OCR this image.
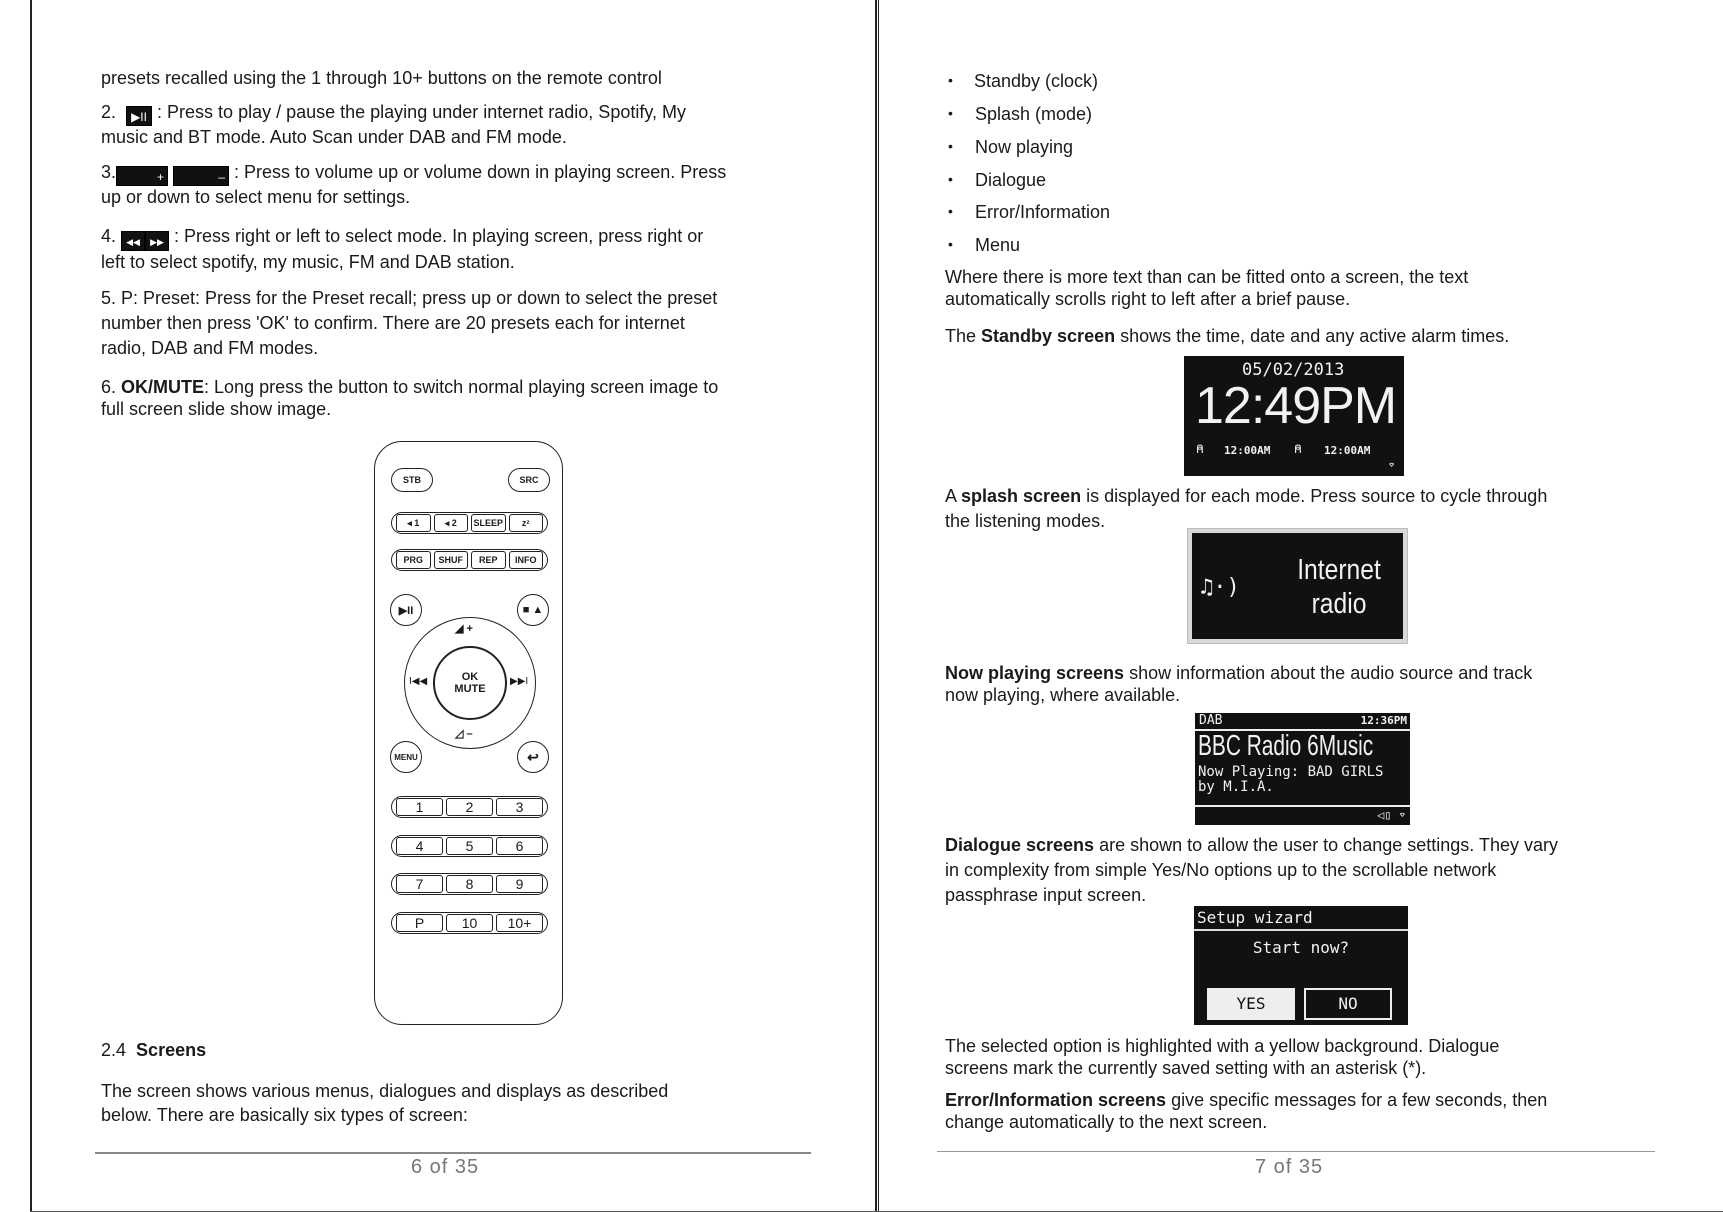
presets recalled using the 1 through 10+ buttons on the remote control
2. ▶II : Press to play / pause the playing under internet radio, Spotify, My
music and BT mode. Auto Scan under DAB and FM mode.
3.	+	– : Press to volume up or volume down in playing screen. Press
up or down to select menu for settings.
4. ◀◀ ▶▶ : Press right or left to select mode. In playing screen, press right or
left to select spotify, my music, FM and DAB station.
5. P: Preset: Press for the Preset recall; press up or down to select the preset
number then press 'OK' to confirm. There are 20 presets each for internet
radio, DAB and FM modes.
6. OK/MUTE: Long press the button to switch normal playing screen image to
full screen slide show image.
STB	SRC
◂ 1	◂ 2	SLEEP	zᶻ
PRG	SHUF	REP	INFO
▶II	■ ▲
OK
MUTE
◢ +
◿ –
I◀◀	▶▶I
MENU	↩
1	2	3
4	5	6
7	8	9
P	10	10+
2.4 Screens
The screen shows various menus, dialogues and displays as described
below. There are basically six types of screen:
6 of 35
• Standby (clock)
• Splash (mode)
• Now playing
• Dialogue
• Error/Information
• Menu
Where there is more text than can be fitted onto a screen, the text
automatically scrolls right to left after a brief pause.
The Standby screen shows the time, date and any active alarm times.
05/02/2013
12:49PM
⍝ 12:00AM ⍝ 12:00AM
⌔
A splash screen is displayed for each mode. Press source to cycle through
the listening modes.
♫·)
Internet
radio
Now playing screens show information about the audio source and track
now playing, where available.
DAB	12:36PM
BBC Radio 6Music
Now Playing: BAD GIRLS
by M.I.A.
◁▯ ⌔
Dialogue screens are shown to allow the user to change settings. They vary
in complexity from simple Yes/No options up to the scrollable network
passphrase input screen.
Setup wizard
Start now?
YES	NO
The selected option is highlighted with a yellow background. Dialogue
screens mark the currently saved setting with an asterisk (*).
Error/Information screens give specific messages for a few seconds, then
change automatically to the next screen.
7 of 35
